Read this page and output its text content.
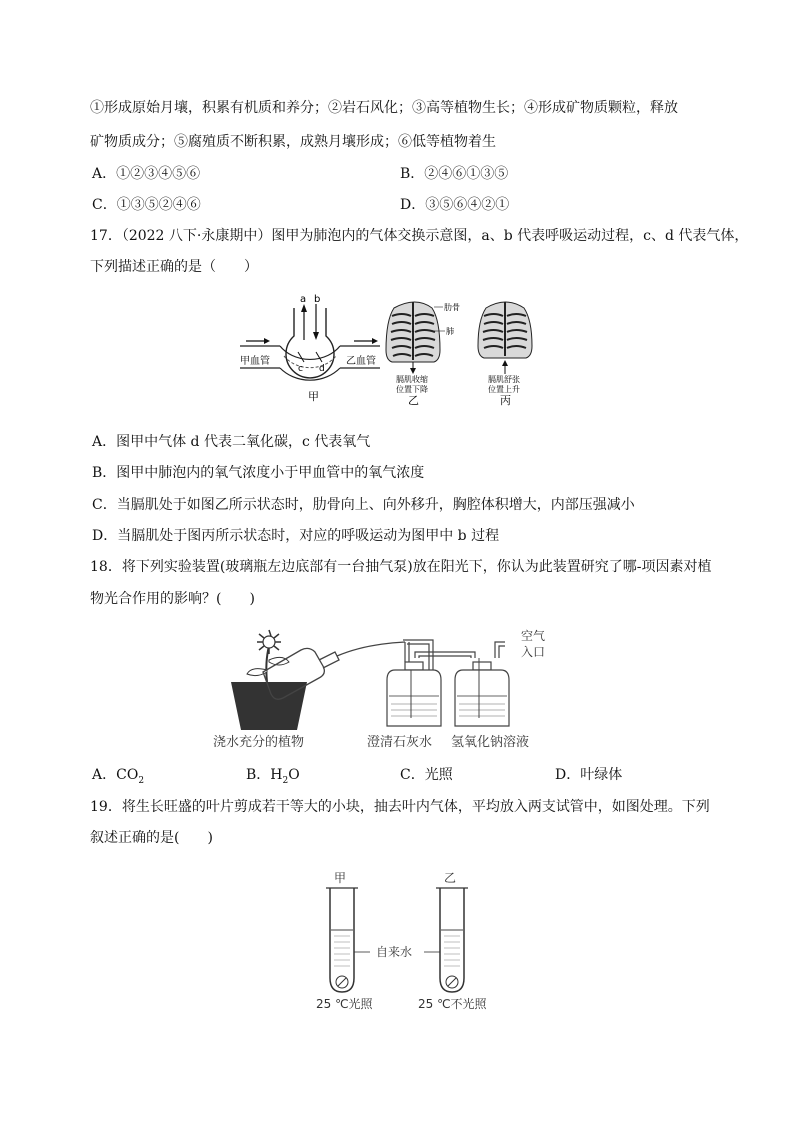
①形成原始月壤，积累有机质和养分；②岩石风化；③高等植物生长；④形成矿物质颗粒，释放
矿物质成分；⑤腐殖质不断积累，成熟月壤形成；⑥低等植物着生
A．①②③④⑤⑥	B．②④⑥①③⑤
C．①③⑤②④⑥	D．③⑤⑥④②①
17．（2022 八下·永康期中）图甲为肺泡内的气体交换示意图，a、b 代表呼吸运动过程，c、d 代表气体，
下列描述正确的是（　　）
a b
c d
甲血管	乙血管
甲
肋骨
肺
膈肌收缩
位置下降
乙
膈肌舒张
位置上升
丙
A．图甲中气体 d 代表二氧化碳，c 代表氧气
B．图甲中肺泡内的氧气浓度小于甲血管中的氧气浓度
C．当膈肌处于如图乙所示状态时，肋骨向上、向外移升，胸腔体积增大，内部压强减小
D．当膈肌处于图丙所示状态时，对应的呼吸运动为图甲中 b 过程
18．将下列实验装置(玻璃瓶左边底部有一台抽气泵)放在阳光下，你认为此装置研究了哪-项因素对植
物光合作用的影响？(　　)
空气
入口
浇水充分的植物	澄清石灰水 氢氧化钠溶液
A．$CO_2$	B．$H_2O$	C．光照	D．叶绿体
19．将生长旺盛的叶片剪成若干等大的小块，抽去叶内气体，平均放入两支试管中，如图处理。下列
叙述正确的是(　　)
甲	乙
自来水
25 ℃光照	25 ℃不光照
